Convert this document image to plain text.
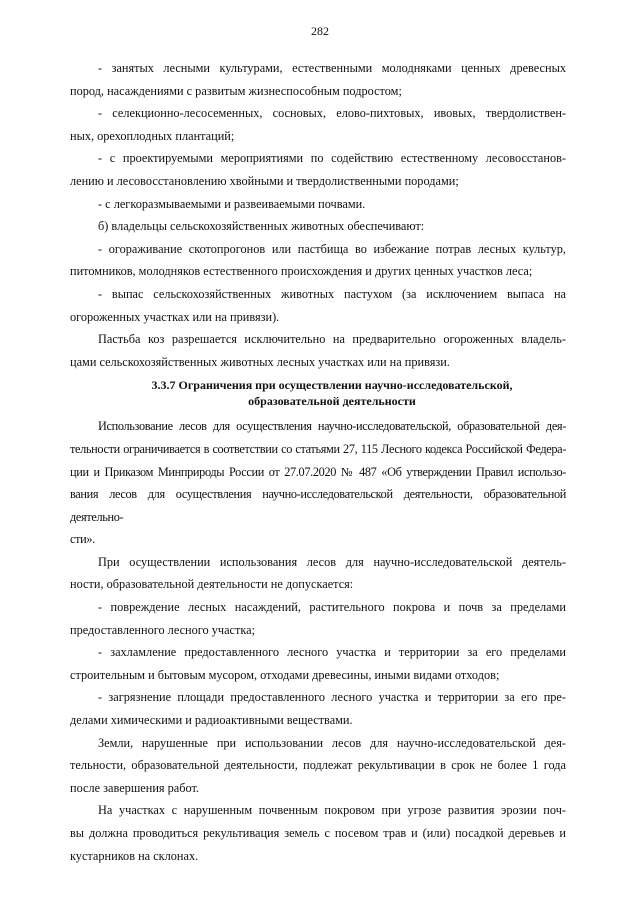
282

- занятых лесными культурами, естественными молодняками ценных древесных

пород, насаждениями с развитым жизнеспособным подростом;

- селекционно-лесосеменных, сосновых, елово-пихтовых, ивовых, твердолиствен-

ных, орехоплодных плантаций;

- с проектируемыми мероприятиями по содействию естественному лесовосстанов-

лению и лесовосстановлению хвойными и твердолиственными породами;

- с легкоразмываемыми и развеиваемыми почвами.

б) владельцы сельскохозяйственных животных обеспечивают:

- огораживание скотопрогонов или пастбища во избежание потрав лесных культур,

питомников, молодняков естественного происхождения и других ценных участков леса;

- выпас сельскохозяйственных животных пастухом (за исключением выпаса на

огороженных участках или на привязи).

Пастьба коз разрешается исключительно на предварительно огороженных владель-

цами сельскохозяйственных животных лесных участках или на привязи.

3.3.7 Ограничения при осуществлении научно-исследовательской,
образовательной деятельности

Использование лесов для осуществления научно-исследовательской, образовательной дея-

тельности ограничивается в соответствии со статьями 27, 115 Лесного кодекса Российской Федера-

ции и Приказом Минприроды России от 27.07.2020 № 487 «Об утверждении Правил использо-

вания лесов для осуществления научно-исследовательской деятельности, образовательной деятельно-

сти».

При осуществлении использования лесов для научно-исследовательской деятель-

ности, образовательной деятельности не допускается:

- повреждение лесных насаждений, растительного покрова и почв за пределами

предоставленного лесного участка;

- захламление предоставленного лесного участка и территории за его пределами

строительным и бытовым мусором, отходами древесины, иными видами отходов;

- загрязнение площади предоставленного лесного участка и территории за его пре-

делами химическими и радиоактивными веществами.

Земли, нарушенные при использовании лесов для научно-исследовательской дея-

тельности, образовательной деятельности, подлежат рекультивации в срок не более 1 года

после завершения работ.

На участках с нарушенным почвенным покровом при угрозе развития эрозии поч-

вы должна проводиться рекультивация земель с посевом трав и (или) посадкой деревьев и

кустарников на склонах.
